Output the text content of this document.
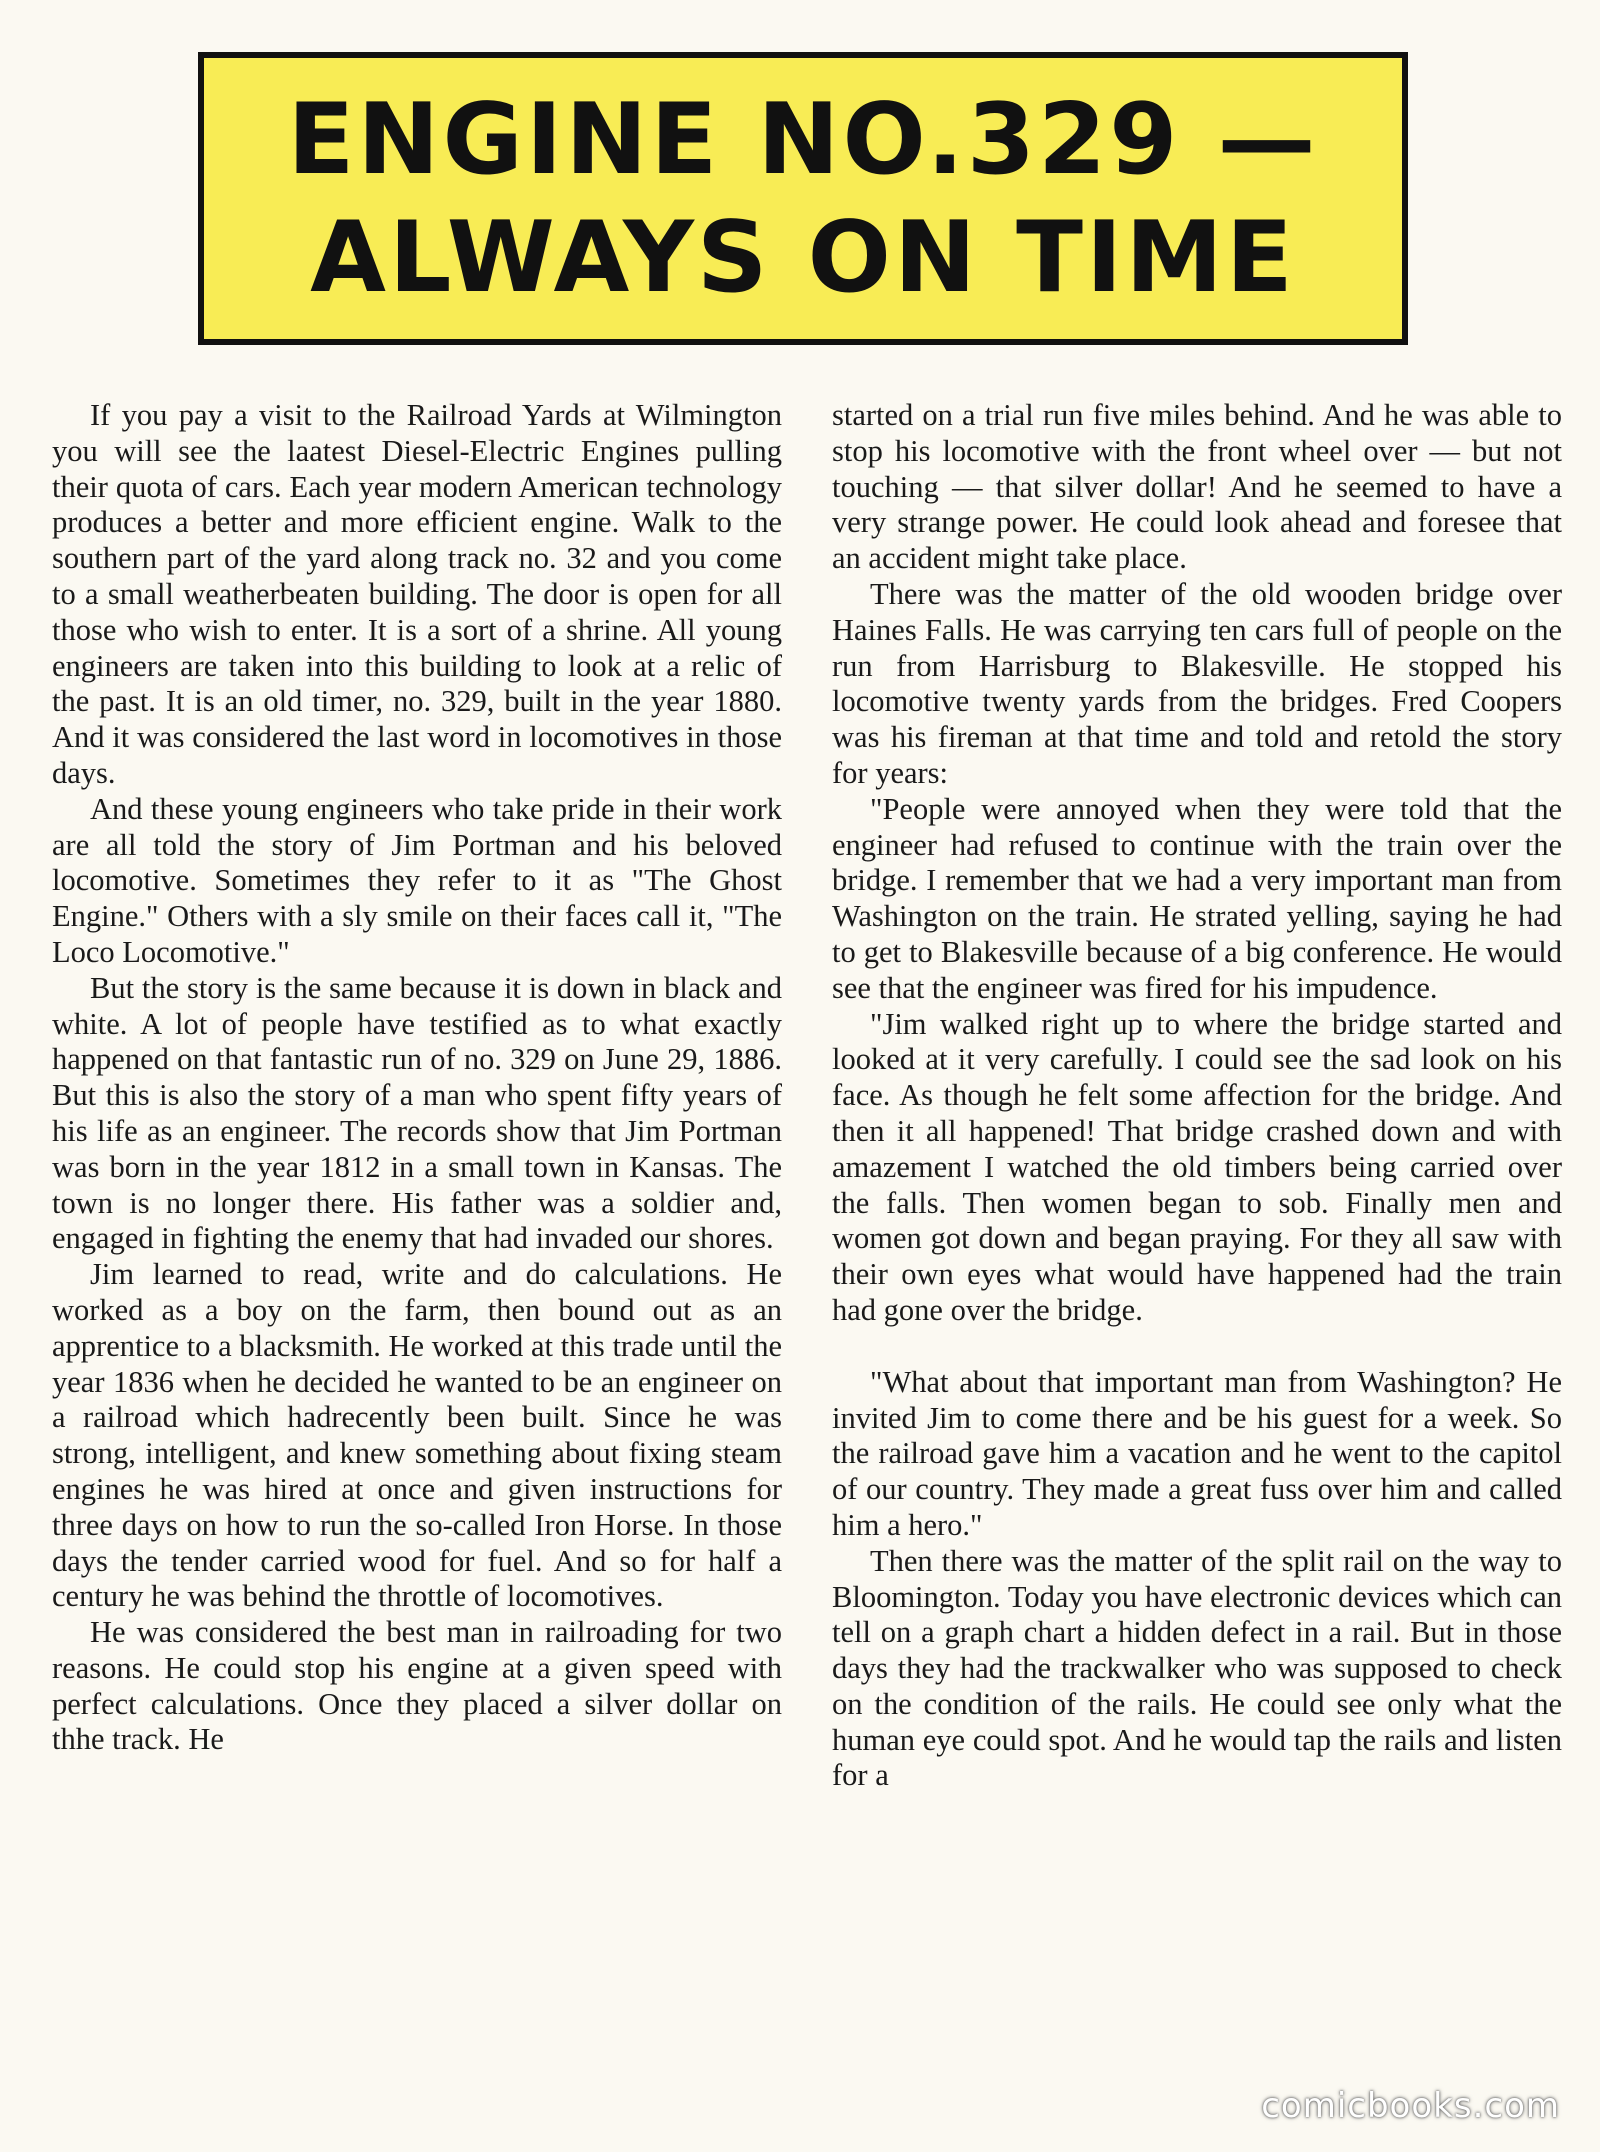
ENGINE NO.329 —
ALWAYS ON TIME

If you pay a visit to the Railroad Yards at Wilmington you will see the laatest Diesel-Electric Engines pulling their quota of cars. Each year modern American technology produces a better and more efficient engine. Walk to the southern part of the yard along track no. 32 and you come to a small weatherbeaten building. The door is open for all those who wish to enter. It is a sort of a shrine. All young engineers are taken into this building to look at a relic of the past. It is an old timer, no. 329, built in the year 1880. And it was considered the last word in locomotives in those days.

And these young engineers who take pride in their work are all told the story of Jim Portman and his beloved locomotive. Sometimes they refer to it as "The Ghost Engine." Others with a sly smile on their faces call it, "The Loco Locomotive."

But the story is the same because it is down in black and white. A lot of people have testified as to what exactly happened on that fantastic run of no. 329 on June 29, 1886. But this is also the story of a man who spent fifty years of his life as an engineer. The records show that Jim Portman was born in the year 1812 in a small town in Kansas. The town is no longer there. His father was a soldier and, engaged in fighting the enemy that had invaded our shores.

Jim learned to read, write and do calculations. He worked as a boy on the farm, then bound out as an apprentice to a blacksmith. He worked at this trade until the year 1836 when he decided he wanted to be an engineer on a railroad which hadrecently been built. Since he was strong, intelligent, and knew something about fixing steam engines he was hired at once and given instructions for three days on how to run the so-called Iron Horse. In those days the tender carried wood for fuel. And so for half a century he was behind the throttle of locomotives.

He was considered the best man in railroading for two reasons. He could stop his engine at a given speed with perfect calculations. Once they placed a silver dollar on thhe track. He

started on a trial run five miles behind. And he was able to stop his locomotive with the front wheel over — but not touching — that silver dollar! And he seemed to have a very strange power. He could look ahead and foresee that an accident might take place.

There was the matter of the old wooden bridge over Haines Falls. He was carrying ten cars full of people on the run from Harrisburg to Blakesville. He stopped his locomotive twenty yards from the bridges. Fred Coopers was his fireman at that time and told and retold the story for years:

"People were annoyed when they were told that the engineer had refused to continue with the train over the bridge. I remember that we had a very important man from Washington on the train. He strated yelling, saying he had to get to Blakesville because of a big conference. He would see that the engineer was fired for his impudence.

"Jim walked right up to where the bridge started and looked at it very carefully. I could see the sad look on his face. As though he felt some affection for the bridge. And then it all happened! That bridge crashed down and with amazement I watched the old timbers being carried over the falls. Then women began to sob. Finally men and women got down and began praying. For they all saw with their own eyes what would have happened had the train had gone over the bridge.

"What about that important man from Washington? He invited Jim to come there and be his guest for a week. So the railroad gave him a vacation and he went to the capitol of our country. They made a great fuss over him and called him a hero."

Then there was the matter of the split rail on the way to Bloomington. Today you have electronic devices which can tell on a graph chart a hidden defect in a rail. But in those days they had the trackwalker who was supposed to check on the condition of the rails. He could see only what the human eye could spot. And he would tap the rails and listen for a

comicbooks.com
